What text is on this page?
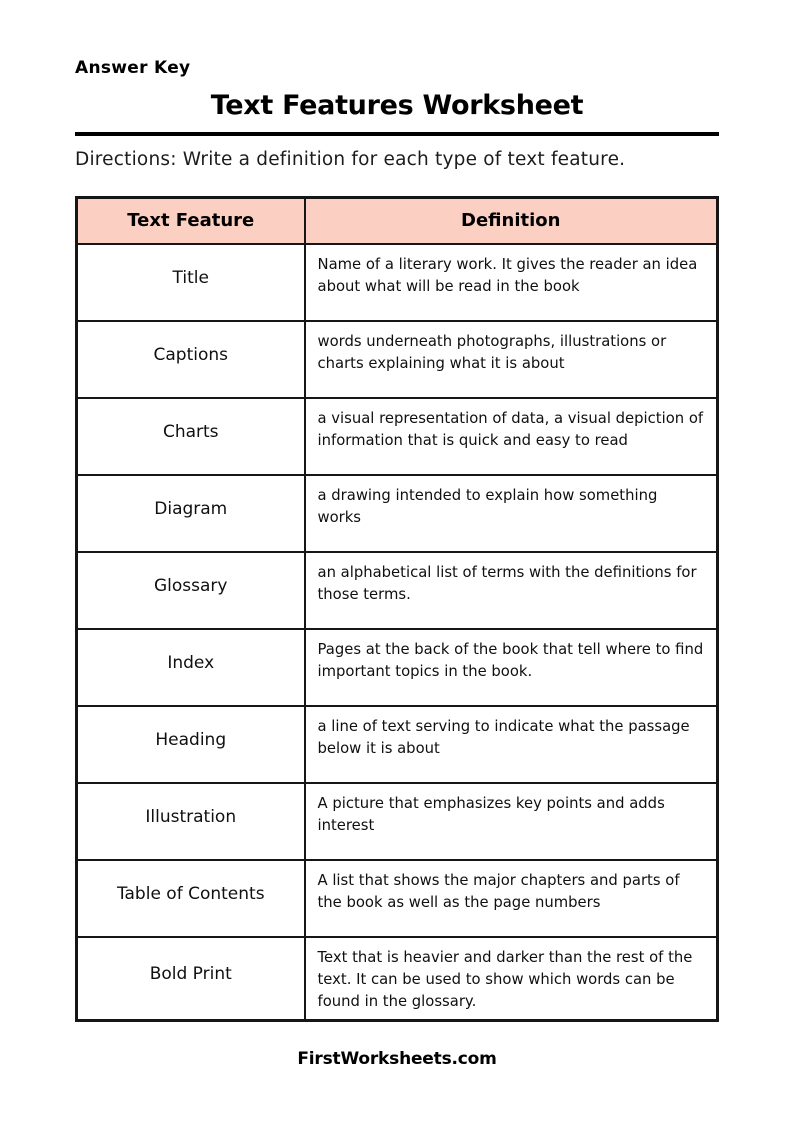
Answer Key
Text Features Worksheet
Directions: Write a definition for each type of text feature.
Text Feature	Definition
Title	Name of a literary work. It gives the reader an idea about what will be read in the book
Captions	words underneath photographs, illustrations or charts explaining what it is about
Charts	a visual representation of data, a visual depiction of information that is quick and easy to read
Diagram	a drawing intended to explain how something works
Glossary	an alphabetical list of terms with the definitions for those terms.
Index	Pages at the back of the book that tell where to find important topics in the book.
Heading	a line of text serving to indicate what the passage below it is about
Illustration	A picture that emphasizes key points and adds interest
Table of Contents	A list that shows the major chapters and parts of the book as well as the page numbers
Bold Print	Text that is heavier and darker than the rest of the text. It can be used to show which words can be found in the glossary.
FirstWorksheets.com
